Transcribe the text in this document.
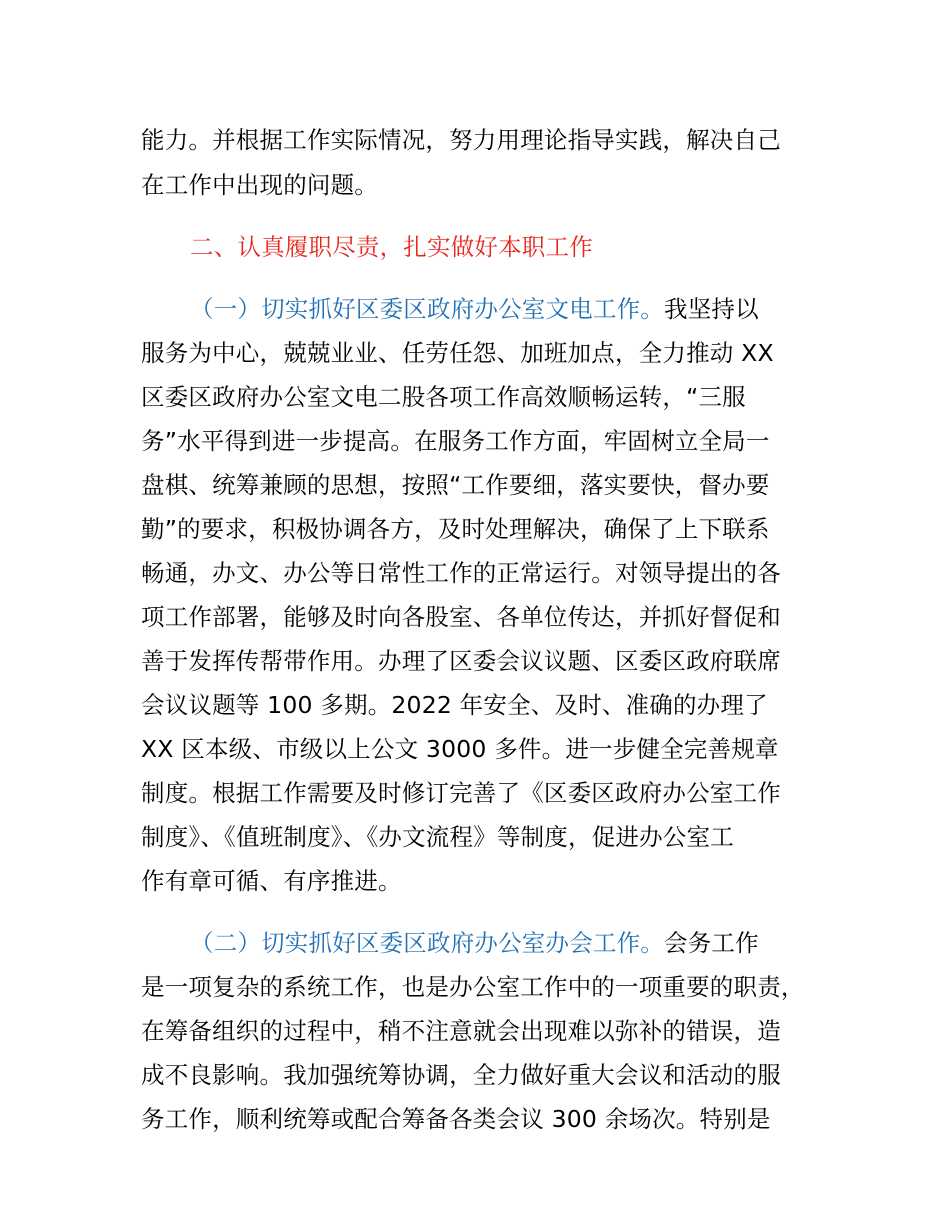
能力。并根据工作实际情况，努力用理论指导实践，解决自己
在工作中出现的问题。
二、认真履职尽责，扎实做好本职工作
（一）切实抓好区委区政府办公室文电工作。我坚持以
服务为中心，兢兢业业、任劳任怨、加班加点，全力推动 XX
区委区政府办公室文电二股各项工作高效顺畅运转，“三服
务”水平得到进一步提高。在服务工作方面，牢固树立全局一
盘棋、统筹兼顾的思想，按照“工作要细，落实要快，督办要
勤”的要求，积极协调各方，及时处理解决，确保了上下联系
畅通，办文、办公等日常性工作的正常运行。对领导提出的各
项工作部署，能够及时向各股室、各单位传达，并抓好督促和
善于发挥传帮带作用。办理了区委会议议题、区委区政府联席
会议议题等 100 多期。2022 年安全、及时、准确的办理了
XX 区本级、市级以上公文 3000 多件。进一步健全完善规章
制度。根据工作需要及时修订完善了《区委区政府办公室工作
制度》、《值班制度》、《办文流程》等制度，促进办公室工
作有章可循、有序推进。
（二）切实抓好区委区政府办公室办会工作。会务工作
是一项复杂的系统工作，也是办公室工作中的一项重要的职责，
在筹备组织的过程中，稍不注意就会出现难以弥补的错误，造
成不良影响。我加强统筹协调，全力做好重大会议和活动的服
务工作，顺利统筹或配合筹备各类会议 300 余场次。特别是
